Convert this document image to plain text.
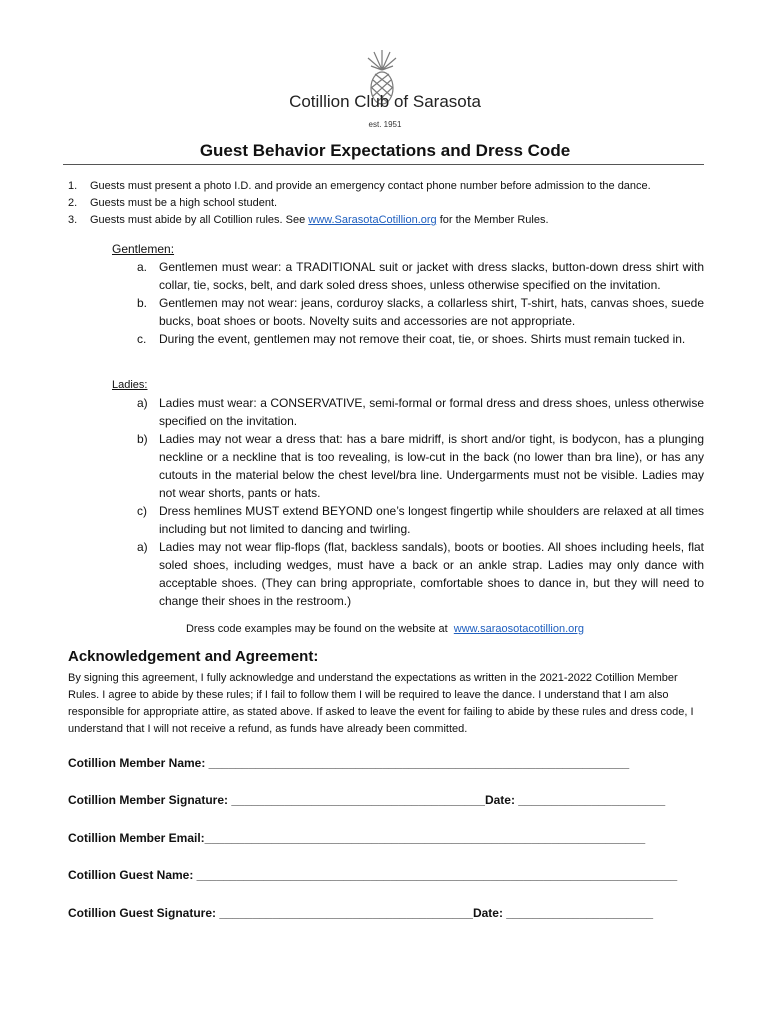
Cotillion Club of Sarasota
est. 1951
Guest Behavior Expectations and Dress Code
1. Guests must present a photo I.D. and provide an emergency contact phone number before admission to the dance.
2. Guests must be a high school student.
3. Guests must abide by all Cotillion rules. See www.SarasotaCotillion.org for the Member Rules.
Gentlemen:
a. Gentlemen must wear: a TRADITIONAL suit or jacket with dress slacks, button-down dress shirt with collar, tie, socks, belt, and dark soled dress shoes, unless otherwise specified on the invitation.
b. Gentlemen may not wear: jeans, corduroy slacks, a collarless shirt, T-shirt, hats, canvas shoes, suede bucks, boat shoes or boots. Novelty suits and accessories are not appropriate.
c. During the event, gentlemen may not remove their coat, tie, or shoes. Shirts must remain tucked in.
Ladies:
a) Ladies must wear: a CONSERVATIVE, semi-formal or formal dress and dress shoes, unless otherwise specified on the invitation.
b) Ladies may not wear a dress that: has a bare midriff, is short and/or tight, is bodycon, has a plunging neckline or a neckline that is too revealing, is low-cut in the back (no lower than bra line), or has any cutouts in the material below the chest level/bra line. Undergarments must not be visible. Ladies may not wear shorts, pants or hats.
c) Dress hemlines MUST extend BEYOND one’s longest fingertip while shoulders are relaxed at all times including but not limited to dancing and twirling.
a) Ladies may not wear flip-flops (flat, backless sandals), boots or booties. All shoes including heels, flat soled shoes, including wedges, must have a back or an ankle strap. Ladies may only dance with acceptable shoes. (They can bring appropriate, comfortable shoes to dance in, but they will need to change their shoes in the restroom.)
Dress code examples may be found on the website at www.saraosotacotillion.org
Acknowledgement and Agreement:
By signing this agreement, I fully acknowledge and understand the expectations as written in the 2021-2022 Cotillion Member Rules. I agree to abide by these rules; if I fail to follow them I will be required to leave the dance. I understand that I am also responsible for appropriate attire, as stated above. If asked to leave the event for failing to abide by these rules and dress code, I understand that I will not receive a refund, as funds have already been committed.
Cotillion Member Name: _______________________________________________________________
Cotillion Member Signature: ______________________________________Date: ______________________
Cotillion Member Email:__________________________________________________________________
Cotillion Guest Name: ________________________________________________________________________
Cotillion Guest Signature: ______________________________________Date: ______________________
